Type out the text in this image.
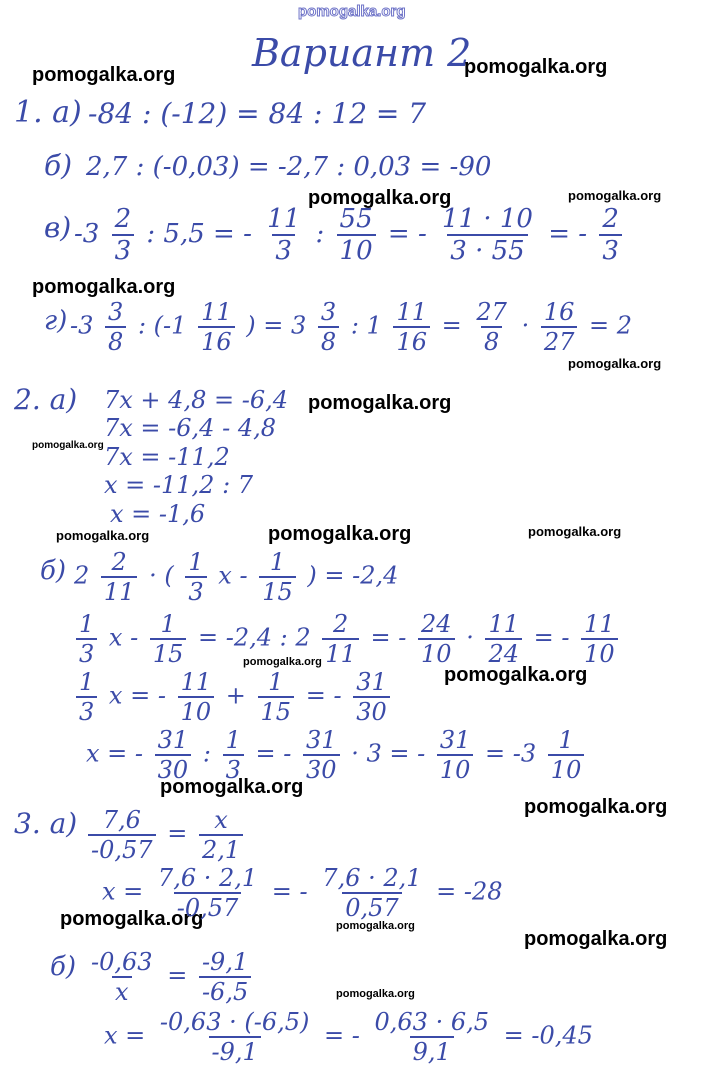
pomogalka.org
Вариант 2
pomogalka.org	pomogalka.org
pomogalka.org	pomogalka.org
pomogalka.org
pomogalka.org
pomogalka.org
pomogalka.org
pomogalka.org	pomogalka.org	pomogalka.org
pomogalka.org
pomogalka.org
pomogalka.org
pomogalka.org
pomogalka.org	pomogalka.org
pomogalka.org
pomogalka.org
1. а) -84 : (-12) = 84 : 12 = 7
б) 2,7 : (-0,03) = -2,7 : 0,03 = -90
в) $-3 \frac{2}{3}$ : 5,5 = - $\frac{11}{3}$ : $\frac{55}{10}$ = - $\frac{11 \cdot 10}{3 \cdot 55}$ = - $\frac{2}{3}$
г) $-3 \frac{3}{8}$ : ($-1 \frac{11}{16}$ ) = $3 \frac{3}{8}$ : $1 \frac{11}{16} = \frac{27}{8} \cdot \frac{16}{27} = 2$
2. а) 7x + 4,8 = -6,4
7x = -6,4 - 4,8
7x = -11,2
x = -11,2 : 7
x = -1,6
б) $2 \frac{2}{11}$ · ( $\frac{1}{3}$ x - $\frac{1}{15}$ ) = -2,4
$\frac{1}{3}$ $x - \frac{1}{15} = -2,4$ : $2 \frac{2}{11}$ = - $\frac{24}{10} \cdot \frac{11}{24}$ = - $\frac{11}{10}$
$\frac{1}{3}$ x = - $\frac{11}{10} + \frac{1}{15}$ = - $\frac{31}{30}$
x = - $\frac{31}{30}$ : $\frac{1}{3}$ = - $\frac{31}{30} \cdot 3$ = - $\frac{31}{10} = -3 \frac{1}{10}$
3. $а) \frac{7,6}{-0,57} = \frac{x}{2,1}$
$x = \frac{7,6 \cdot 2,1}{-0,57}$ = - $\frac{7,6 \cdot 2,1}{0,57} = -28$
$б) \frac{-0,63}{x} = \frac{-9,1}{-6,5}$
$x = \frac{-0,63 \cdot (-6,5)}{-9,1}$ = - $\frac{0,63 \cdot 6,5}{9,1} = -0,45$
